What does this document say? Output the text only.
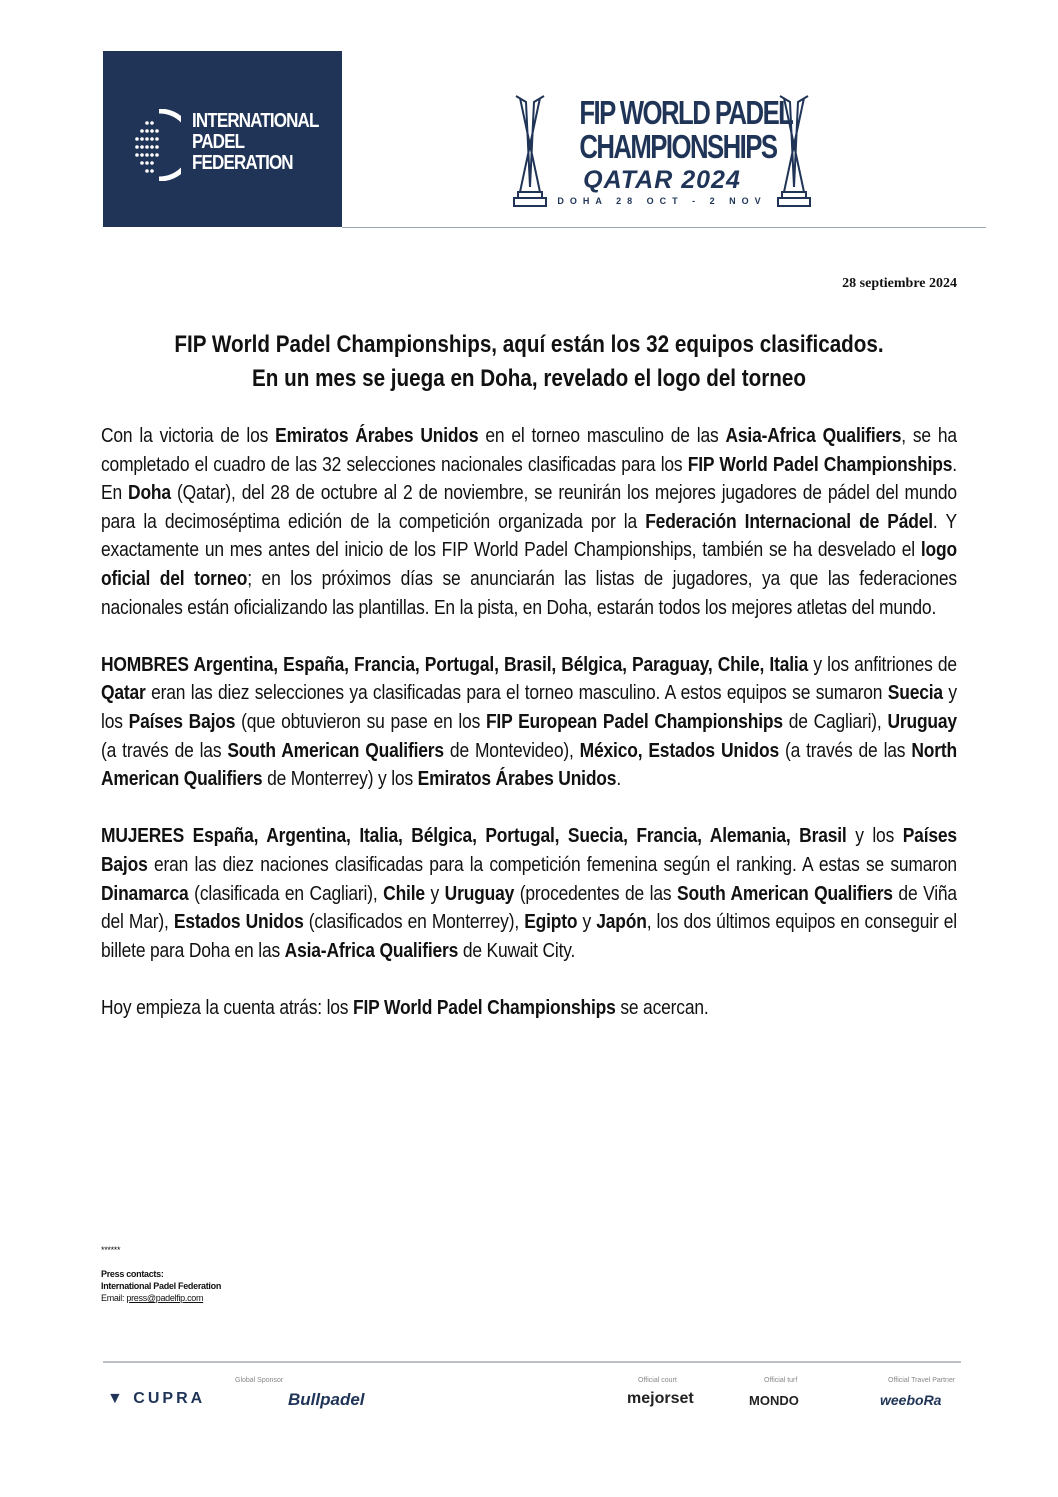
INTERNATIONAL
PADEL
FEDERATION
FIP WORLD PADEL
CHAMPIONSHIPS
QATAR 2024
DOHA 28 OCT - 2 NOV
28 septiembre 2024
FIP World Padel Championships, aquí están los 32 equipos clasificados.
En un mes se juega en Doha, revelado el logo del torneo

Con la victoria de los Emiratos Árabes Unidos en el torneo masculino de las Asia-Africa Qualifiers, se ha completado el cuadro de las 32 selecciones nacionales clasificadas para los FIP World Padel Championships. En Doha (Qatar), del 28 de octubre al 2 de noviembre, se reunirán los mejores jugadores de pádel del mundo para la decimoséptima edición de la competición organizada por la Federación Internacional de Pádel. Y exactamente un mes antes del inicio de los FIP World Padel Championships, también se ha desvelado el logo oficial del torneo; en los próximos días se anunciarán las listas de jugadores, ya que las federaciones nacionales están oficializando las plantillas. En la pista, en Doha, estarán todos los mejores atletas del mundo.

HOMBRES Argentina, España, Francia, Portugal, Brasil, Bélgica, Paraguay, Chile, Italia y los anfitriones de Qatar eran las diez selecciones ya clasificadas para el torneo masculino. A estos equipos se sumaron Suecia y los Países Bajos (que obtuvieron su pase en los FIP European Padel Championships de Cagliari), Uruguay (a través de las South American Qualifiers de Montevideo), México, Estados Unidos (a través de las North American Qualifiers de Monterrey) y los Emiratos Árabes Unidos.

MUJERES España, Argentina, Italia, Bélgica, Portugal, Suecia, Francia, Alemania, Brasil y los Países Bajos eran las diez naciones clasificadas para la competición femenina según el ranking. A estas se sumaron Dinamarca (clasificada en Cagliari), Chile y Uruguay (procedentes de las South American Qualifiers de Viña del Mar), Estados Unidos (clasificados en Monterrey), Egipto y Japón, los dos últimos equipos en conseguir el billete para Doha en las Asia-Africa Qualifiers de Kuwait City.

Hoy empieza la cuenta atrás: los FIP World Padel Championships se acercan.

******
Press contacts:
International Padel Federation
Email: press@padelfip.com
Global Sponsor
▼ CUPRA	Bullpadel
Official court
mejorset
Official turf
MONDO
Official Travel Partner
weeboRa
